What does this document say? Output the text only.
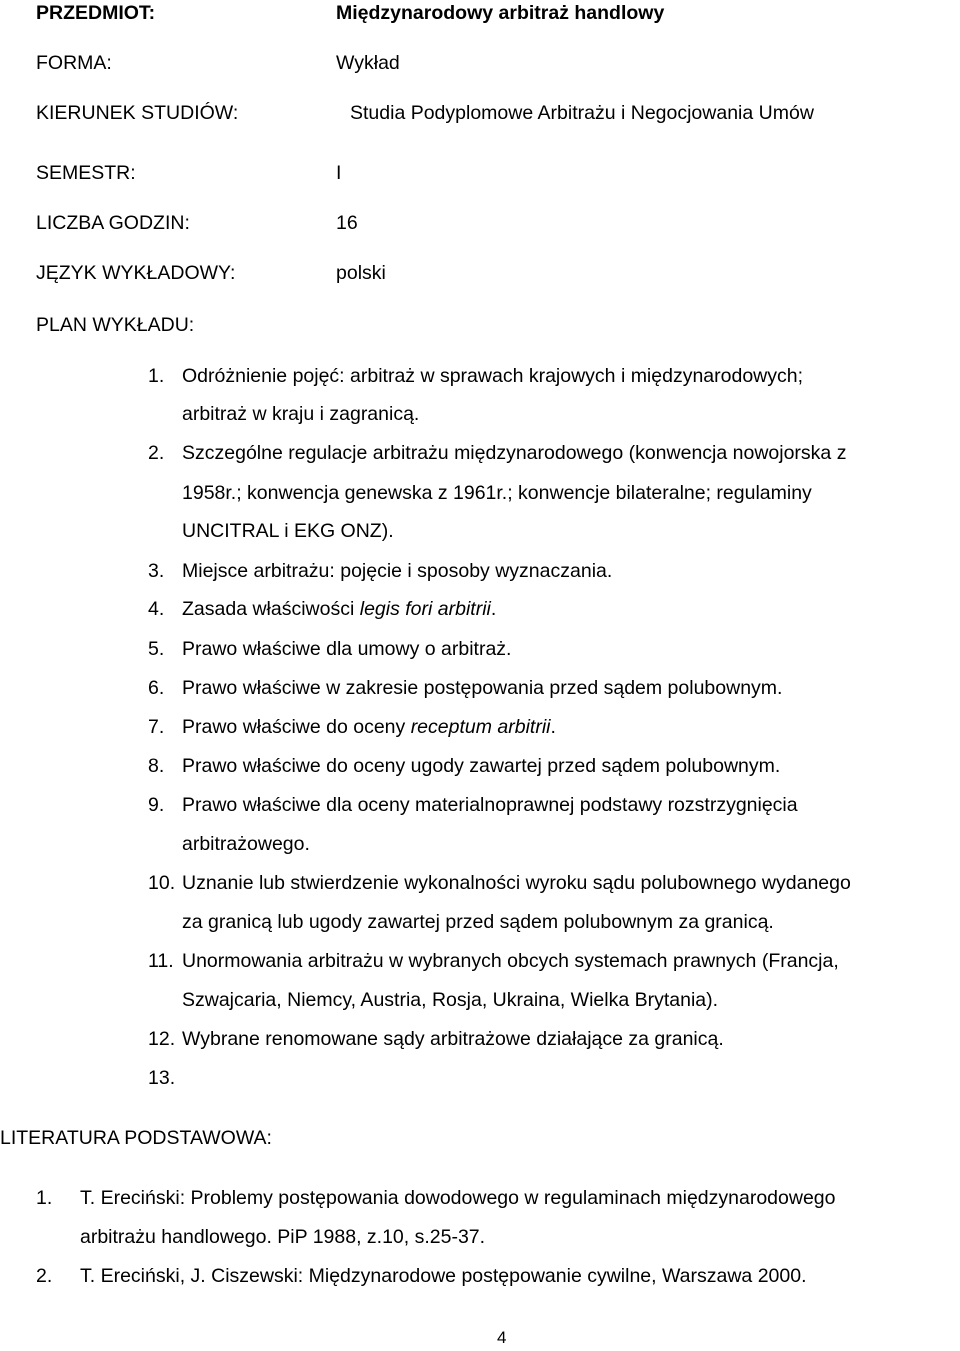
PRZEDMIOT:	Międzynarodowy arbitraż handlowy
FORMA:	Wykład
KIERUNEK STUDIÓW:	Studia Podyplomowe Arbitrażu i Negocjowania Umów
SEMESTR:	I
LICZBA GODZIN:	16
JĘZYK WYKŁADOWY:	polski
PLAN WYKŁADU:
1. Odróżnienie pojęć: arbitraż w sprawach krajowych i międzynarodowych;
arbitraż w kraju i zagranicą.
2. Szczególne regulacje arbitrażu międzynarodowego (konwencja nowojorska z
1958r.; konwencja genewska z 1961r.; konwencje bilateralne; regulaminy
UNCITRAL i EKG ONZ).
3. Miejsce arbitrażu: pojęcie i sposoby wyznaczania.
4. Zasada właściwości legis fori arbitrii.
5. Prawo właściwe dla umowy o arbitraż.
6. Prawo właściwe w zakresie postępowania przed sądem polubownym.
7. Prawo właściwe do oceny receptum arbitrii.
8. Prawo właściwe do oceny ugody zawartej przed sądem polubownym.
9. Prawo właściwe dla oceny materialnoprawnej podstawy rozstrzygnięcia
arbitrażowego.
10. Uznanie lub stwierdzenie wykonalności wyroku sądu polubownego wydanego
za granicą lub ugody zawartej przed sądem polubownym za granicą.
11. Unormowania arbitrażu w wybranych obcych systemach prawnych (Francja,
Szwajcaria, Niemcy, Austria, Rosja, Ukraina, Wielka Brytania).
12. Wybrane renomowane sądy arbitrażowe działające za granicą.
13.
LITERATURA PODSTAWOWA:
1. T. Ereciński: Problemy postępowania dowodowego w regulaminach międzynarodowego
arbitrażu handlowego. PiP 1988, z.10, s.25-37.
2. T. Ereciński, J. Ciszewski: Międzynarodowe postępowanie cywilne, Warszawa 2000.
4
